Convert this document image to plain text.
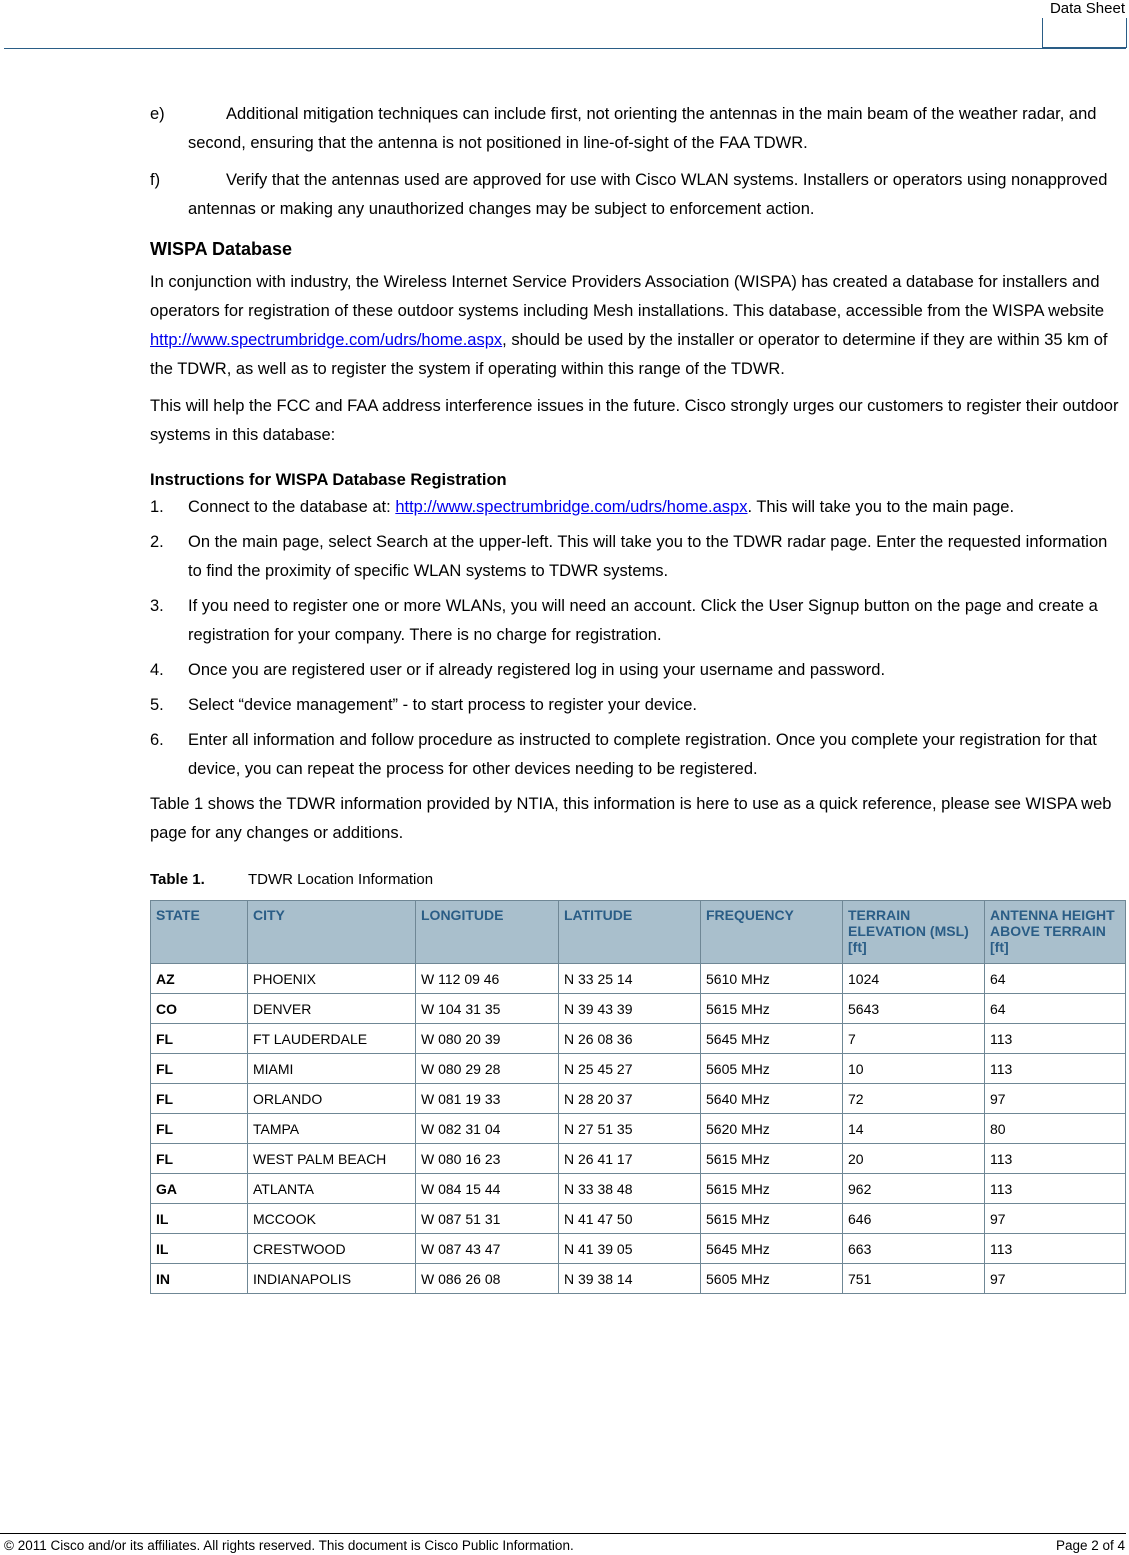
Data Sheet
e)	Additional mitigation techniques can include first, not orienting the antennas in the main beam of the weather radar, and second, ensuring that the antenna is not positioned in line-of-sight of the FAA TDWR.
f)	Verify that the antennas used are approved for use with Cisco WLAN systems. Installers or operators using nonapproved antennas or making any unauthorized changes may be subject to enforcement action.
WISPA Database

In conjunction with industry, the Wireless Internet Service Providers Association (WISPA) has created a database for installers and operators for registration of these outdoor systems including Mesh installations. This database, accessible from the WISPA website http://www.spectrumbridge.com/udrs/home.aspx, should be used by the installer or operator to determine if they are within 35 km of the TDWR, as well as to register the system if operating within this range of the TDWR.

This will help the FCC and FAA address interference issues in the future. Cisco strongly urges our customers to register their outdoor systems in this database:

Instructions for WISPA Database Registration
1. Connect to the database at: http://www.spectrumbridge.com/udrs/home.aspx. This will take you to the main page.
2. On the main page, select Search at the upper-left. This will take you to the TDWR radar page. Enter the requested information to find the proximity of specific WLAN systems to TDWR systems.
3. If you need to register one or more WLANs, you will need an account. Click the User Signup button on the page and create a registration for your company. There is no charge for registration.
4. Once you are registered user or if already registered log in using your username and password.
5. Select “device management” - to start process to register your device.
6. Enter all information and follow procedure as instructed to complete registration. Once you complete your registration for that device, you can repeat the process for other devices needing to be registered.

Table 1 shows the TDWR information provided by NTIA, this information is here to use as a quick reference, please see WISPA web page for any changes or additions.

Table 1.	TDWR Location Information
STATE	CITY	LONGITUDE	LATITUDE	FREQUENCY	TERRAIN ELEVATION (MSL) [ft]	ANTENNA HEIGHT ABOVE TERRAIN [ft]
AZ	PHOENIX	W 112 09 46	N 33 25 14	5610 MHz	1024	64
CO	DENVER	W 104 31 35	N 39 43 39	5615 MHz	5643	64
FL	FT LAUDERDALE	W 080 20 39	N 26 08 36	5645 MHz	7	113
FL	MIAMI	W 080 29 28	N 25 45 27	5605 MHz	10	113
FL	ORLANDO	W 081 19 33	N 28 20 37	5640 MHz	72	97
FL	TAMPA	W 082 31 04	N 27 51 35	5620 MHz	14	80
FL	WEST PALM BEACH	W 080 16 23	N 26 41 17	5615 MHz	20	113
GA	ATLANTA	W 084 15 44	N 33 38 48	5615 MHz	962	113
IL	MCCOOK	W 087 51 31	N 41 47 50	5615 MHz	646	97
IL	CRESTWOOD	W 087 43 47	N 41 39 05	5645 MHz	663	113
IN	INDIANAPOLIS	W 086 26 08	N 39 38 14	5605 MHz	751	97
© 2011 Cisco and/or its affiliates. All rights reserved. This document is Cisco Public Information.	Page 2 of 4
